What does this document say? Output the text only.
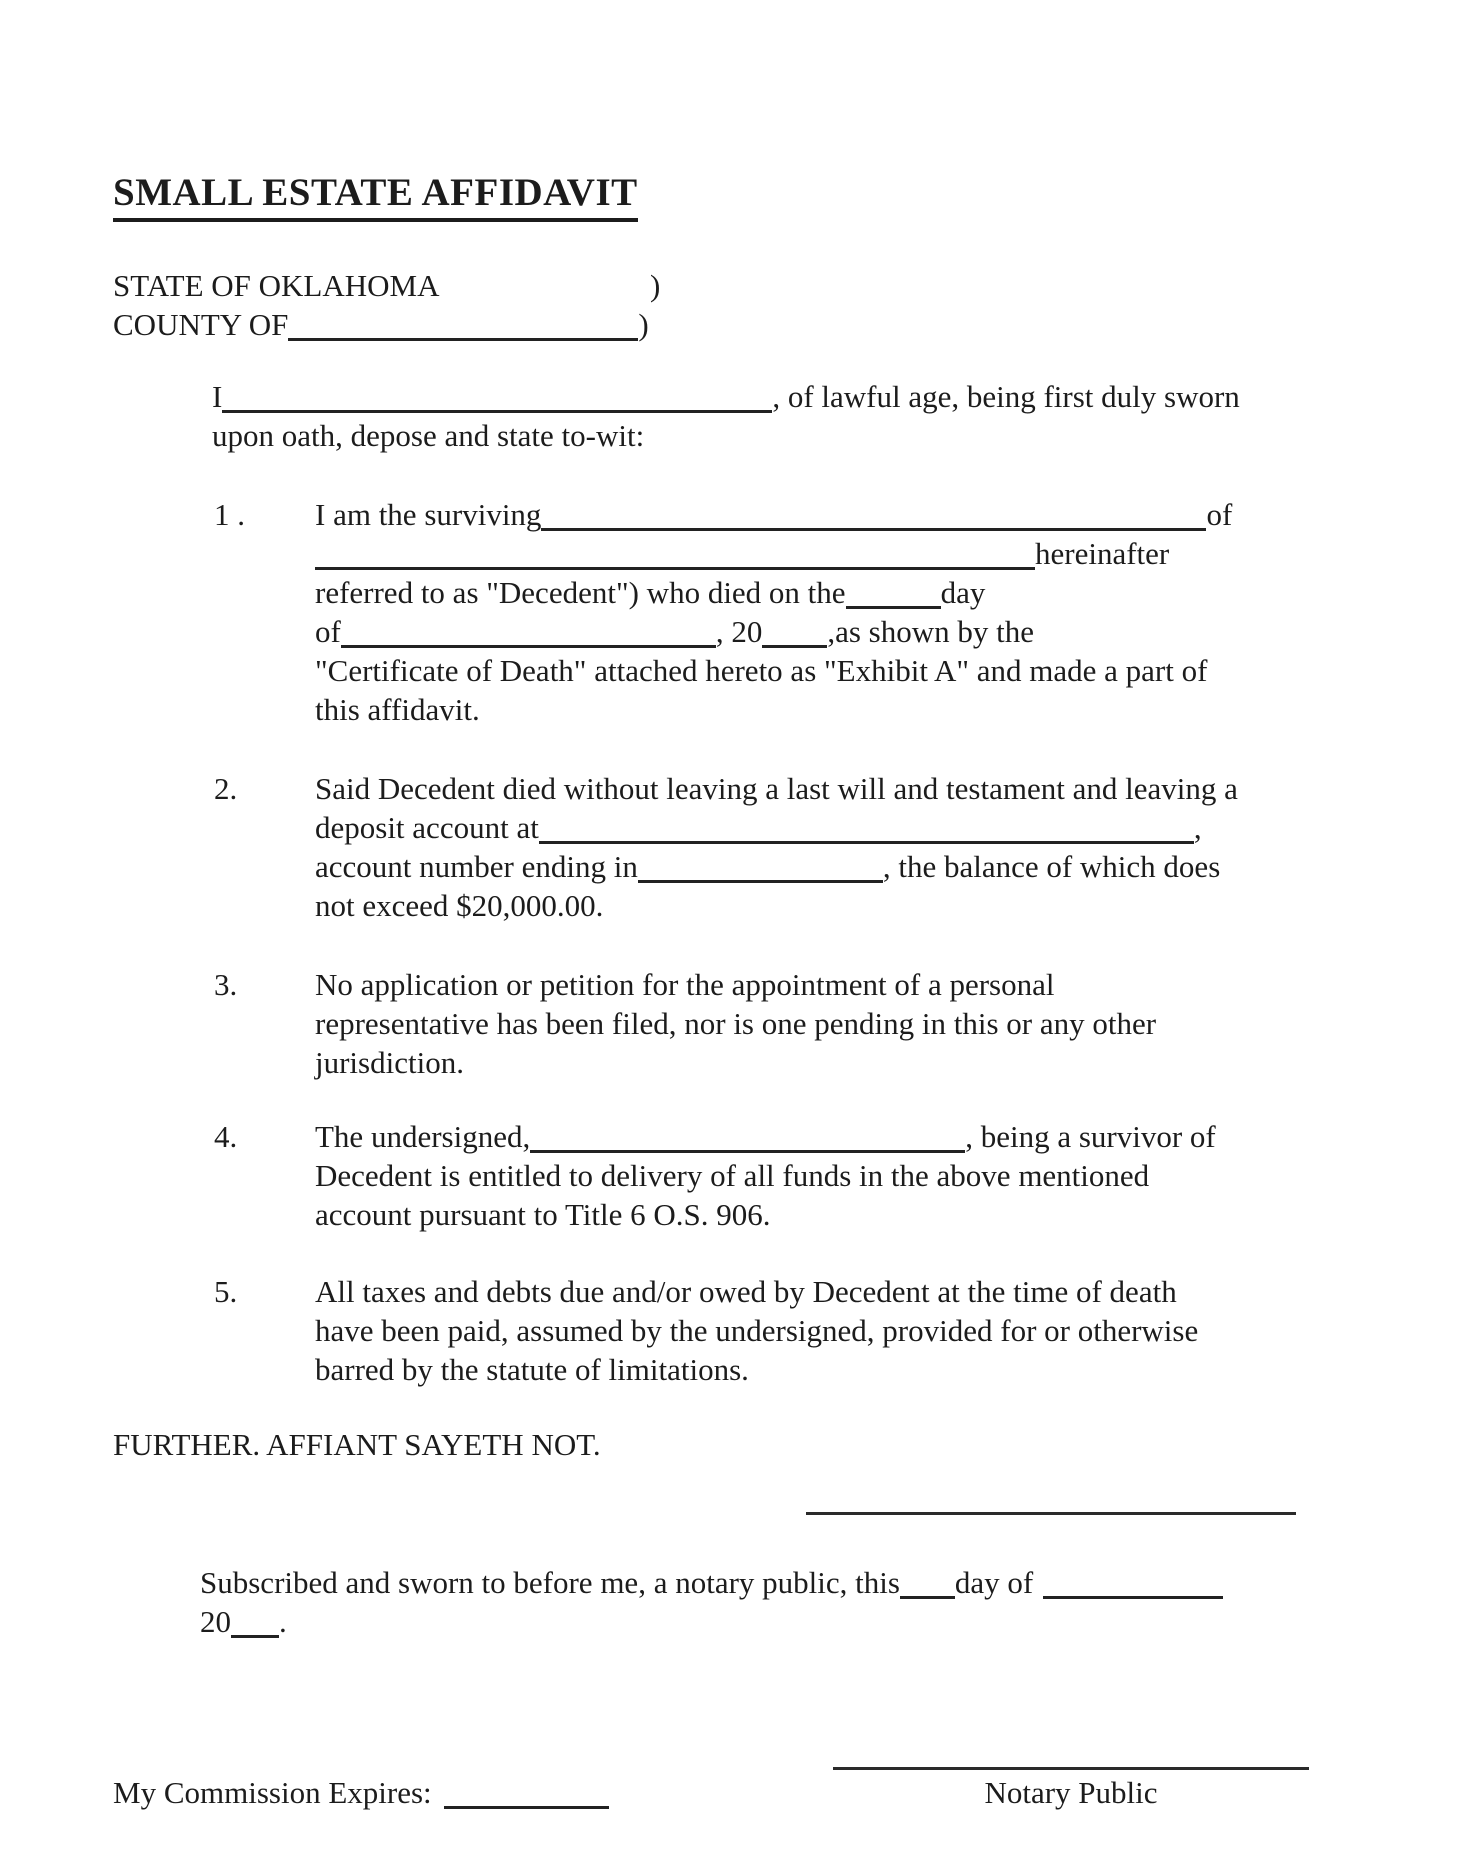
SMALL ESTATE AFFIDAVIT
STATE OF OKLAHOMA	)
COUNTY OF	)
I	, of lawful age, being first duly sworn
upon oath, depose and state to-wit:
1 .	I am the surviving	of
hereinafter
referred to as "Decedent") who died on the	day
of	, 20 ,as shown by the
"Certificate of Death" attached hereto as "Exhibit A" and made a part of
this affidavit.
2.	Said Decedent died without leaving a last will and testament and leaving a
deposit account at	,
account number ending in	, the balance of which does
not exceed $20,000.00.
3.	No application or petition for the appointment of a personal
representative has been filed, nor is one pending in this or any other
jurisdiction.
4.	The undersigned,	, being a survivor of
Decedent is entitled to delivery of all funds in the above mentioned
account pursuant to Title 6 O.S. 906.
5.	All taxes and debts due and/or owed by Decedent at the time of death
have been paid, assumed by the undersigned, provided for or otherwise
barred by the statute of limitations.
FURTHER. AFFIANT SAYETH NOT.
Subscribed and sworn to before me, a notary public, this day of
20 .
My Commission Expires:	Notary Public
